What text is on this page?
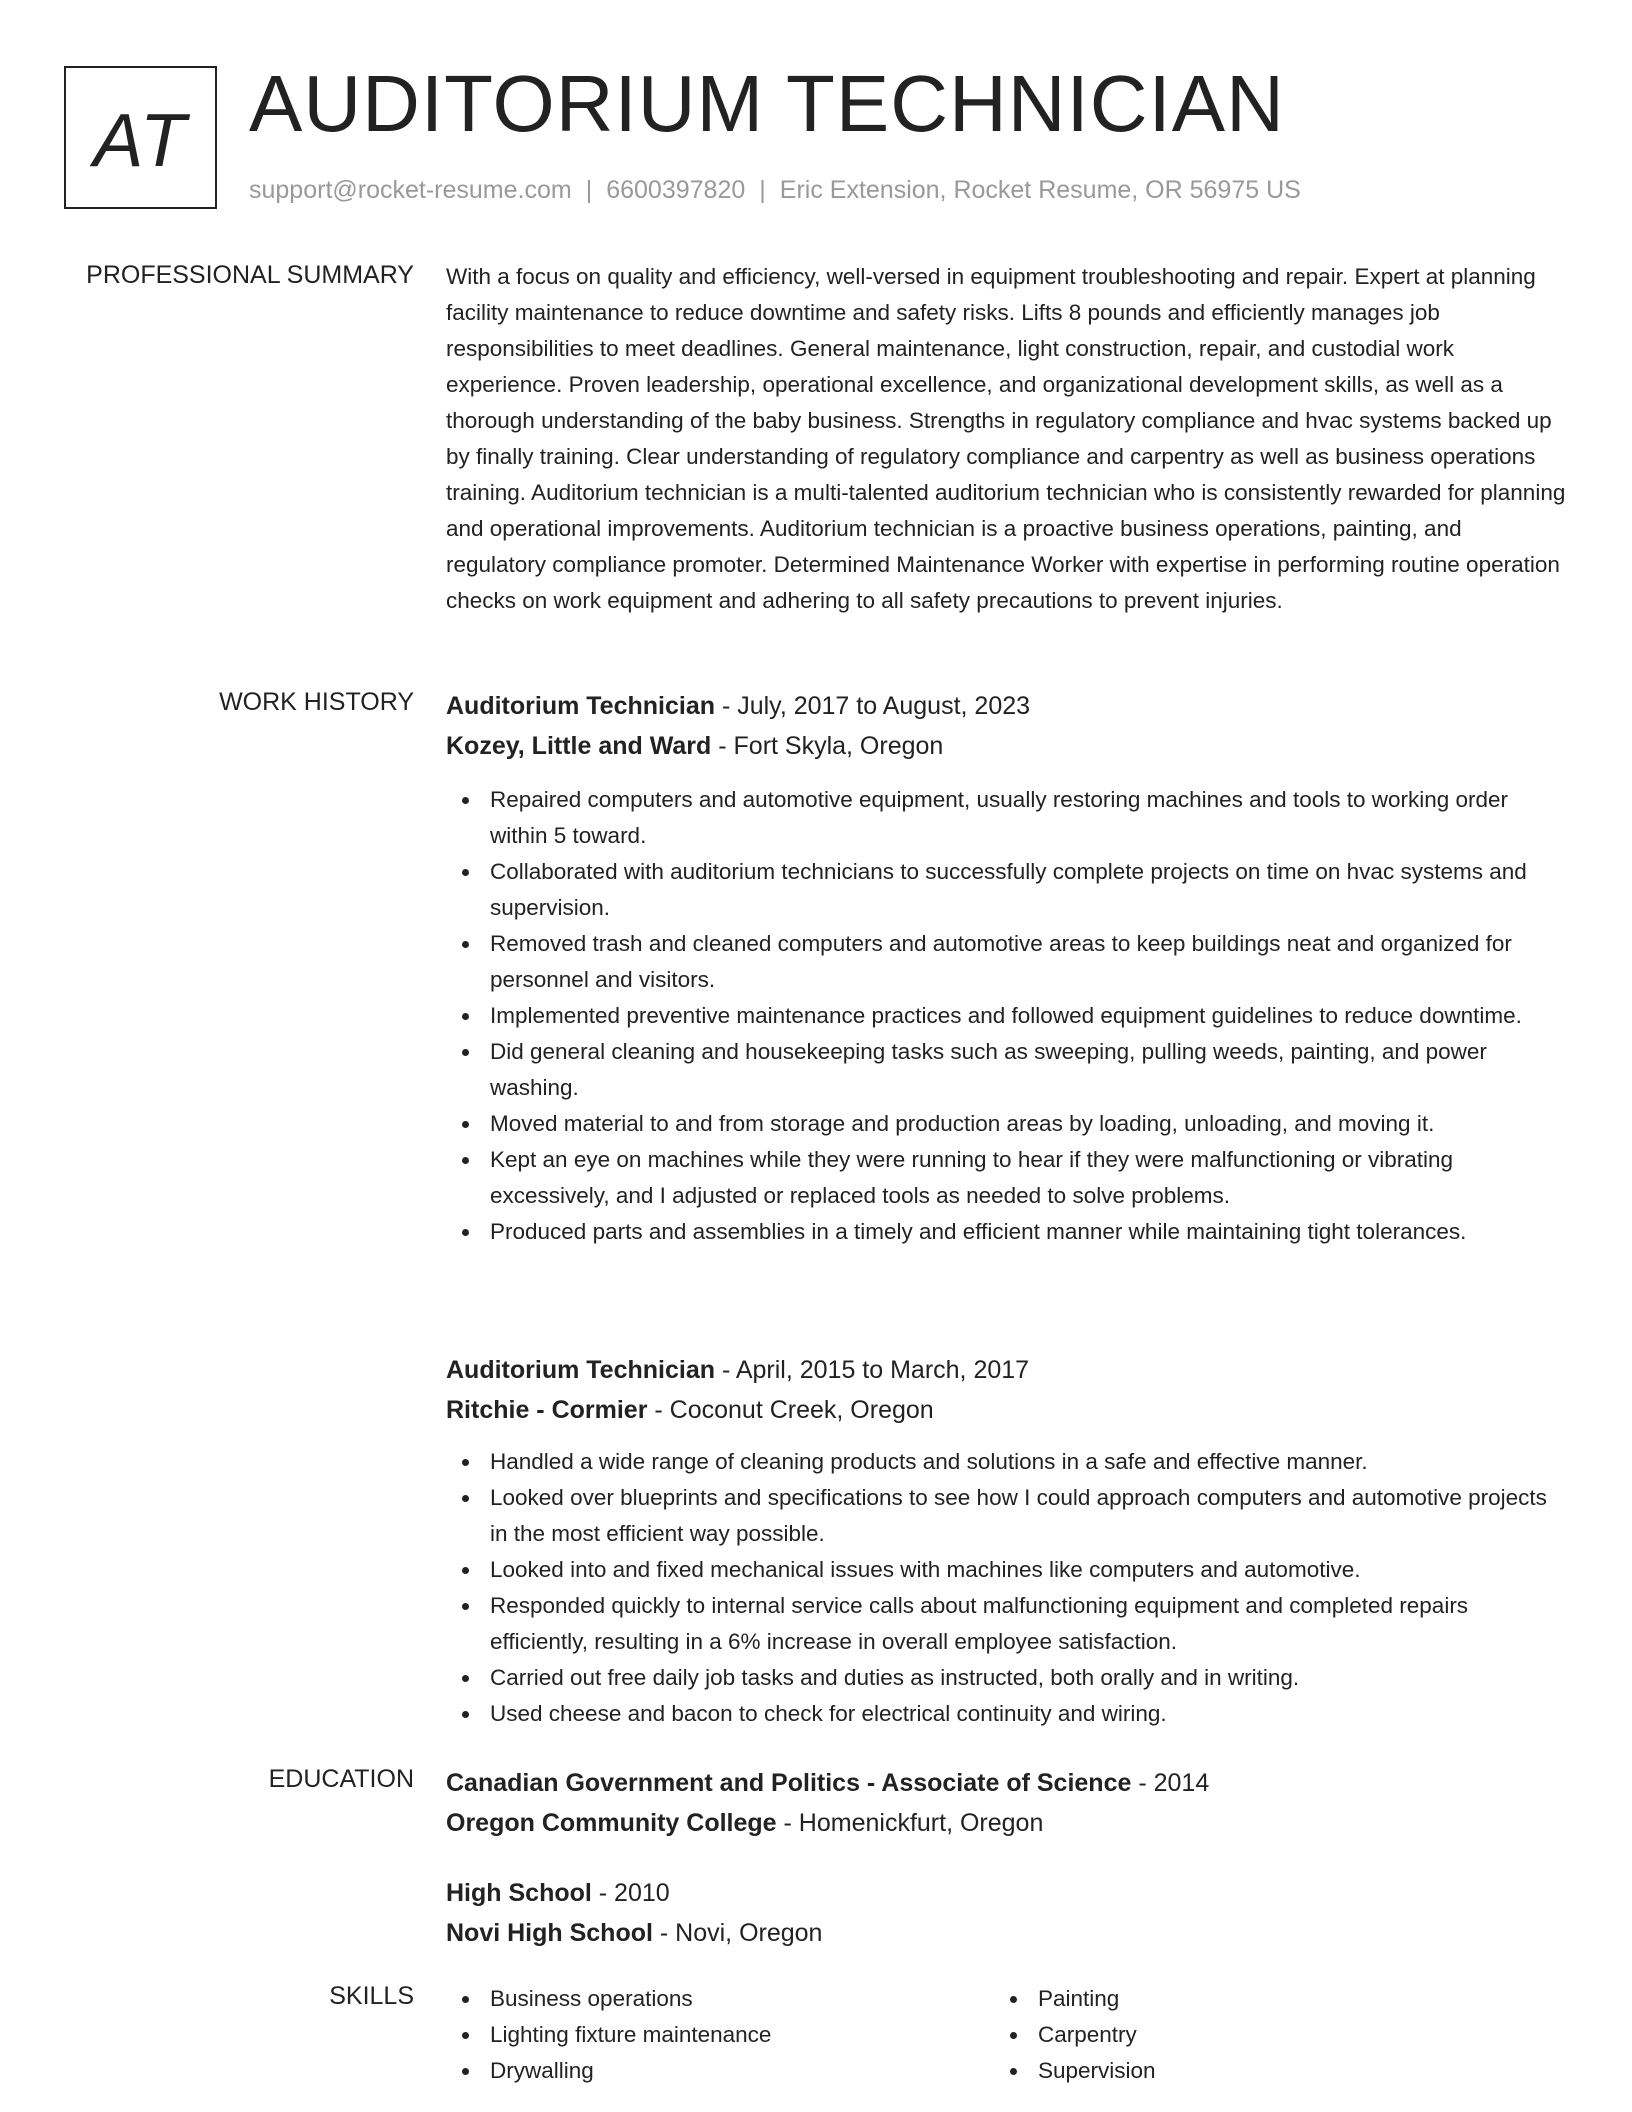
AT AUDITORIUM TECHNICIAN
support@rocket-resume.com | 6600397820 | Eric Extension, Rocket Resume, OR 56975 US
PROFESSIONAL SUMMARY With a focus on quality and efficiency, well-versed in equipment troubleshooting and repair. Expert at planning facility maintenance to reduce downtime and safety risks. Lifts 8 pounds and efficiently manages job responsibilities to meet deadlines. General maintenance, light construction, repair, and custodial work experience. Proven leadership, operational excellence, and organizational development skills, as well as a thorough understanding of the baby business. Strengths in regulatory compliance and hvac systems backed up by finally training. Clear understanding of regulatory compliance and carpentry as well as business operations training. Auditorium technician is a multi-talented auditorium technician who is consistently rewarded for planning and operational improvements. Auditorium technician is a proactive business operations, painting, and regulatory compliance promoter. Determined Maintenance Worker with expertise in performing routine operation checks on work equipment and adhering to all safety precautions to prevent injuries.
WORK HISTORY Auditorium Technician - July, 2017 to August, 2023
Kozey, Little and Ward - Fort Skyla, Oregon
Repaired computers and automotive equipment, usually restoring machines and tools to working order within 5 toward.
Collaborated with auditorium technicians to successfully complete projects on time on hvac systems and supervision.
Removed trash and cleaned computers and automotive areas to keep buildings neat and organized for personnel and visitors.
Implemented preventive maintenance practices and followed equipment guidelines to reduce downtime.
Did general cleaning and housekeeping tasks such as sweeping, pulling weeds, painting, and power washing.
Moved material to and from storage and production areas by loading, unloading, and moving it.
Kept an eye on machines while they were running to hear if they were malfunctioning or vibrating excessively, and I adjusted or replaced tools as needed to solve problems.
Produced parts and assemblies in a timely and efficient manner while maintaining tight tolerances.
Auditorium Technician - April, 2015 to March, 2017
Ritchie - Cormier - Coconut Creek, Oregon
Handled a wide range of cleaning products and solutions in a safe and effective manner.
Looked over blueprints and specifications to see how I could approach computers and automotive projects in the most efficient way possible.
Looked into and fixed mechanical issues with machines like computers and automotive.
Responded quickly to internal service calls about malfunctioning equipment and completed repairs efficiently, resulting in a 6% increase in overall employee satisfaction.
Carried out free daily job tasks and duties as instructed, both orally and in writing.
Used cheese and bacon to check for electrical continuity and wiring.
EDUCATION Canadian Government and Politics - Associate of Science - 2014
Oregon Community College - Homenickfurt, Oregon
High School - 2010
Novi High School - Novi, Oregon
SKILLS	Business operations
Lighting fixture maintenance
Drywalling
Painting
Carpentry
Supervision
